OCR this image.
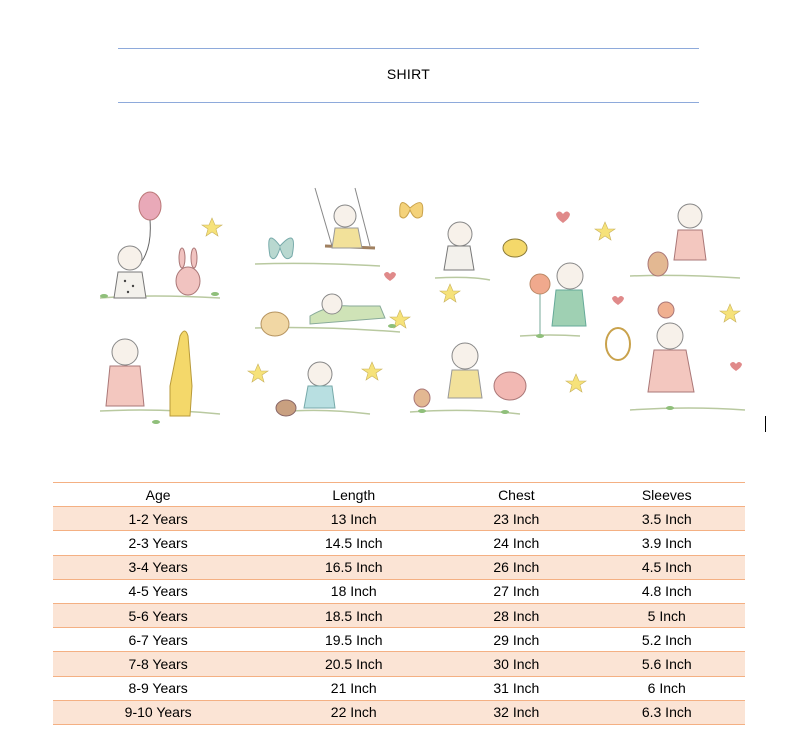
SHIRT
Age	Length	Chest	Sleeves
1-2 Years	13 Inch	23 Inch	3.5 Inch
2-3 Years	14.5 Inch	24 Inch	3.9 Inch
3-4 Years	16.5 Inch	26 Inch	4.5 Inch
4-5 Years	18 Inch	27 Inch	4.8 Inch
5-6 Years	18.5 Inch	28 Inch	5 Inch
6-7 Years	19.5 Inch	29 Inch	5.2 Inch
7-8 Years	20.5 Inch	30 Inch	5.6 Inch
8-9 Years	21 Inch	31 Inch	6 Inch
9-10 Years	22 Inch	32 Inch	6.3 Inch
